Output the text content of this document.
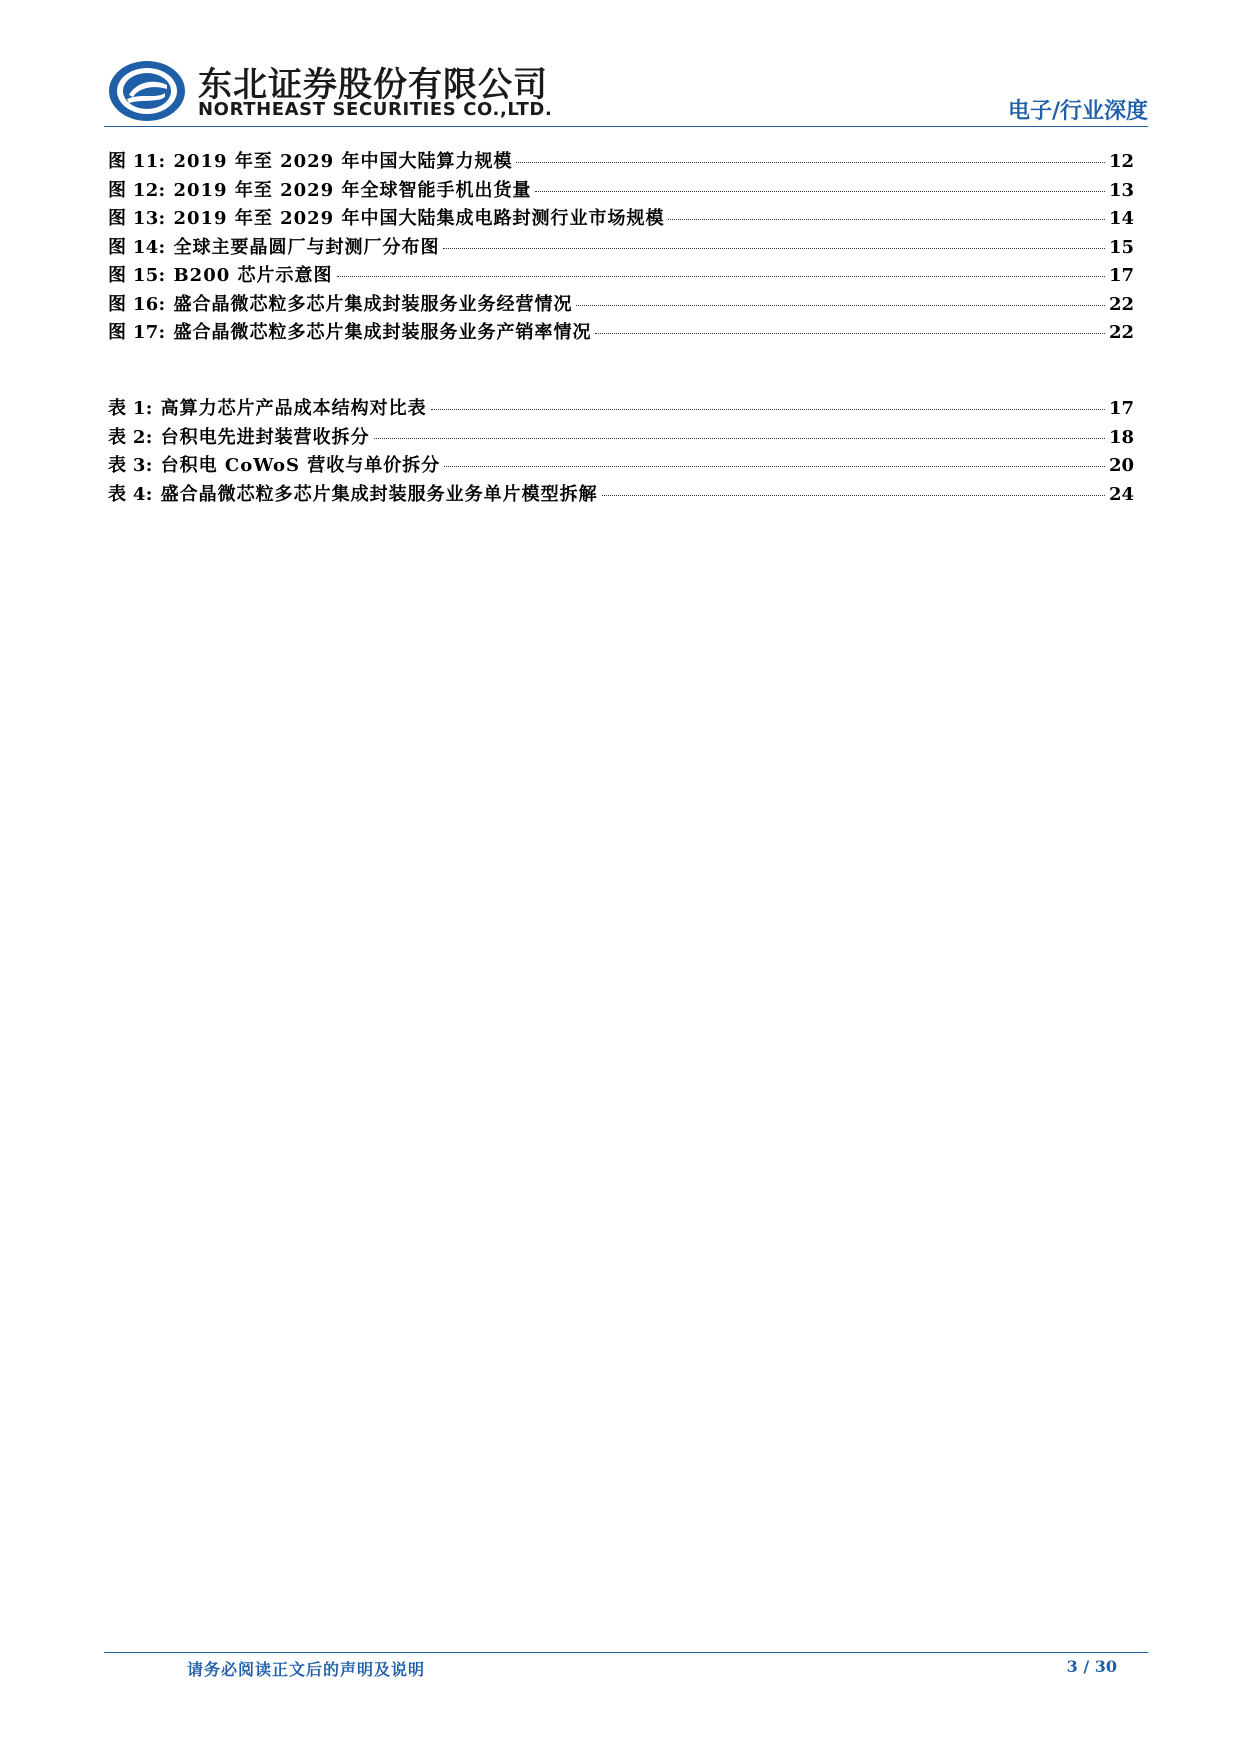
东北证券股份有限公司
NORTHEAST SECURITIES CO.,LTD.	电子/行业深度
图 11: 2019 年至 2029 年中国大陆算力规模	12
图 12: 2019 年至 2029 年全球智能手机出货量	13
图 13: 2019 年至 2029 年中国大陆集成电路封测行业市场规模	14
图 14: 全球主要晶圆厂与封测厂分布图	15
图 15: B200 芯片示意图	17
图 16: 盛合晶微芯粒多芯片集成封装服务业务经营情况	22
图 17: 盛合晶微芯粒多芯片集成封装服务业务产销率情况	22
表 1: 高算力芯片产品成本结构对比表	17
表 2: 台积电先进封装营收拆分	18
表 3: 台积电 CoWoS 营收与单价拆分	20
表 4: 盛合晶微芯粒多芯片集成封装服务业务单片模型拆解	24
请务必阅读正文后的声明及说明	3 / 30
